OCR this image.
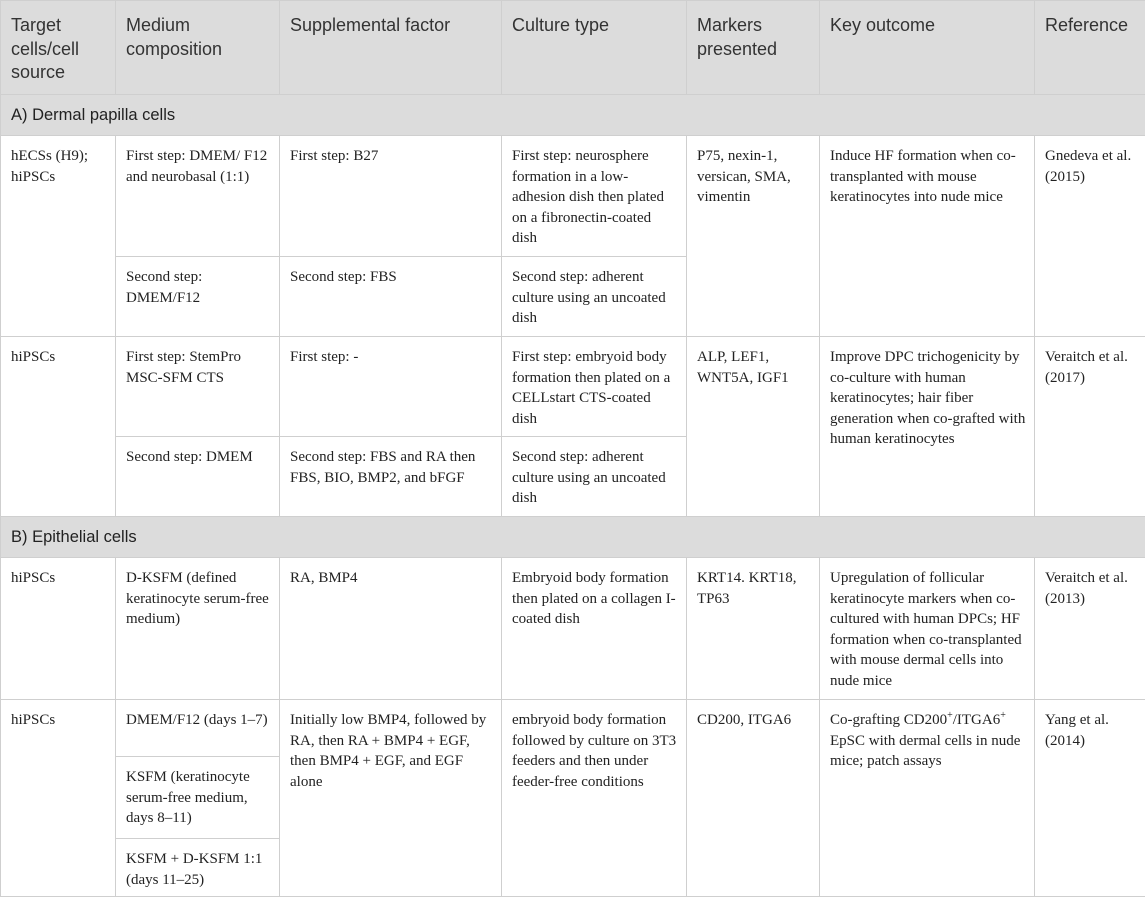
Target cells/cell source	Medium composition	Supplemental factor	Culture type	Markers presented	Key outcome	Reference
A) Dermal papilla cells						
hECSs (H9); hiPSCs	First step: DMEM/ F12 and neurobasal (1:1)	First step: B27	First step: neurosphere formation in a low-adhesion dish then plated on a fibronectin-coated dish	P75, nexin-1, versican, SMA, vimentin	Induce HF formation when co-transplanted with mouse keratinocytes into nude mice	Gnedeva et al. (2015)
	Second step: DMEM/F12	Second step: FBS	Second step: adherent culture using an uncoated dish			
hiPSCs	First step: StemPro MSC-SFM CTS	First step: -	First step: embryoid body formation then plated on a CELLstart CTS-coated dish	ALP, LEF1, WNT5A, IGF1	Improve DPC trichogenicity by co-culture with human keratinocytes; hair fiber generation when co-grafted with human keratinocytes	Veraitch et al. (2017)
	Second step: DMEM	Second step: FBS and RA then FBS, BIO, BMP2, and bFGF	Second step: adherent culture using an uncoated dish			
B) Epithelial cells						
hiPSCs	D-KSFM (defined keratinocyte serum-free medium)	RA, BMP4	Embryoid body formation then plated on a collagen I-coated dish	KRT14. KRT18, TP63	Upregulation of follicular keratinocyte markers when co-cultured with human DPCs; HF formation when co-transplanted with mouse dermal cells into nude mice	Veraitch et al. (2013)
hiPSCs	DMEM/F12 (days 1–7)	Initially low BMP4, followed by RA, then RA + BMP4 + EGF, then BMP4 + EGF, and EGF alone	embryoid body formation followed by culture on 3T3 feeders and then under feeder-free conditions	CD200, ITGA6	Co-grafting CD200+/ITGA6+ EpSC with dermal cells in nude mice; patch assays	Yang et al. (2014)
	KSFM (keratinocyte serum-free medium, days 8–11)					
	KSFM + D-KSFM 1:1 (days 11–25)					
